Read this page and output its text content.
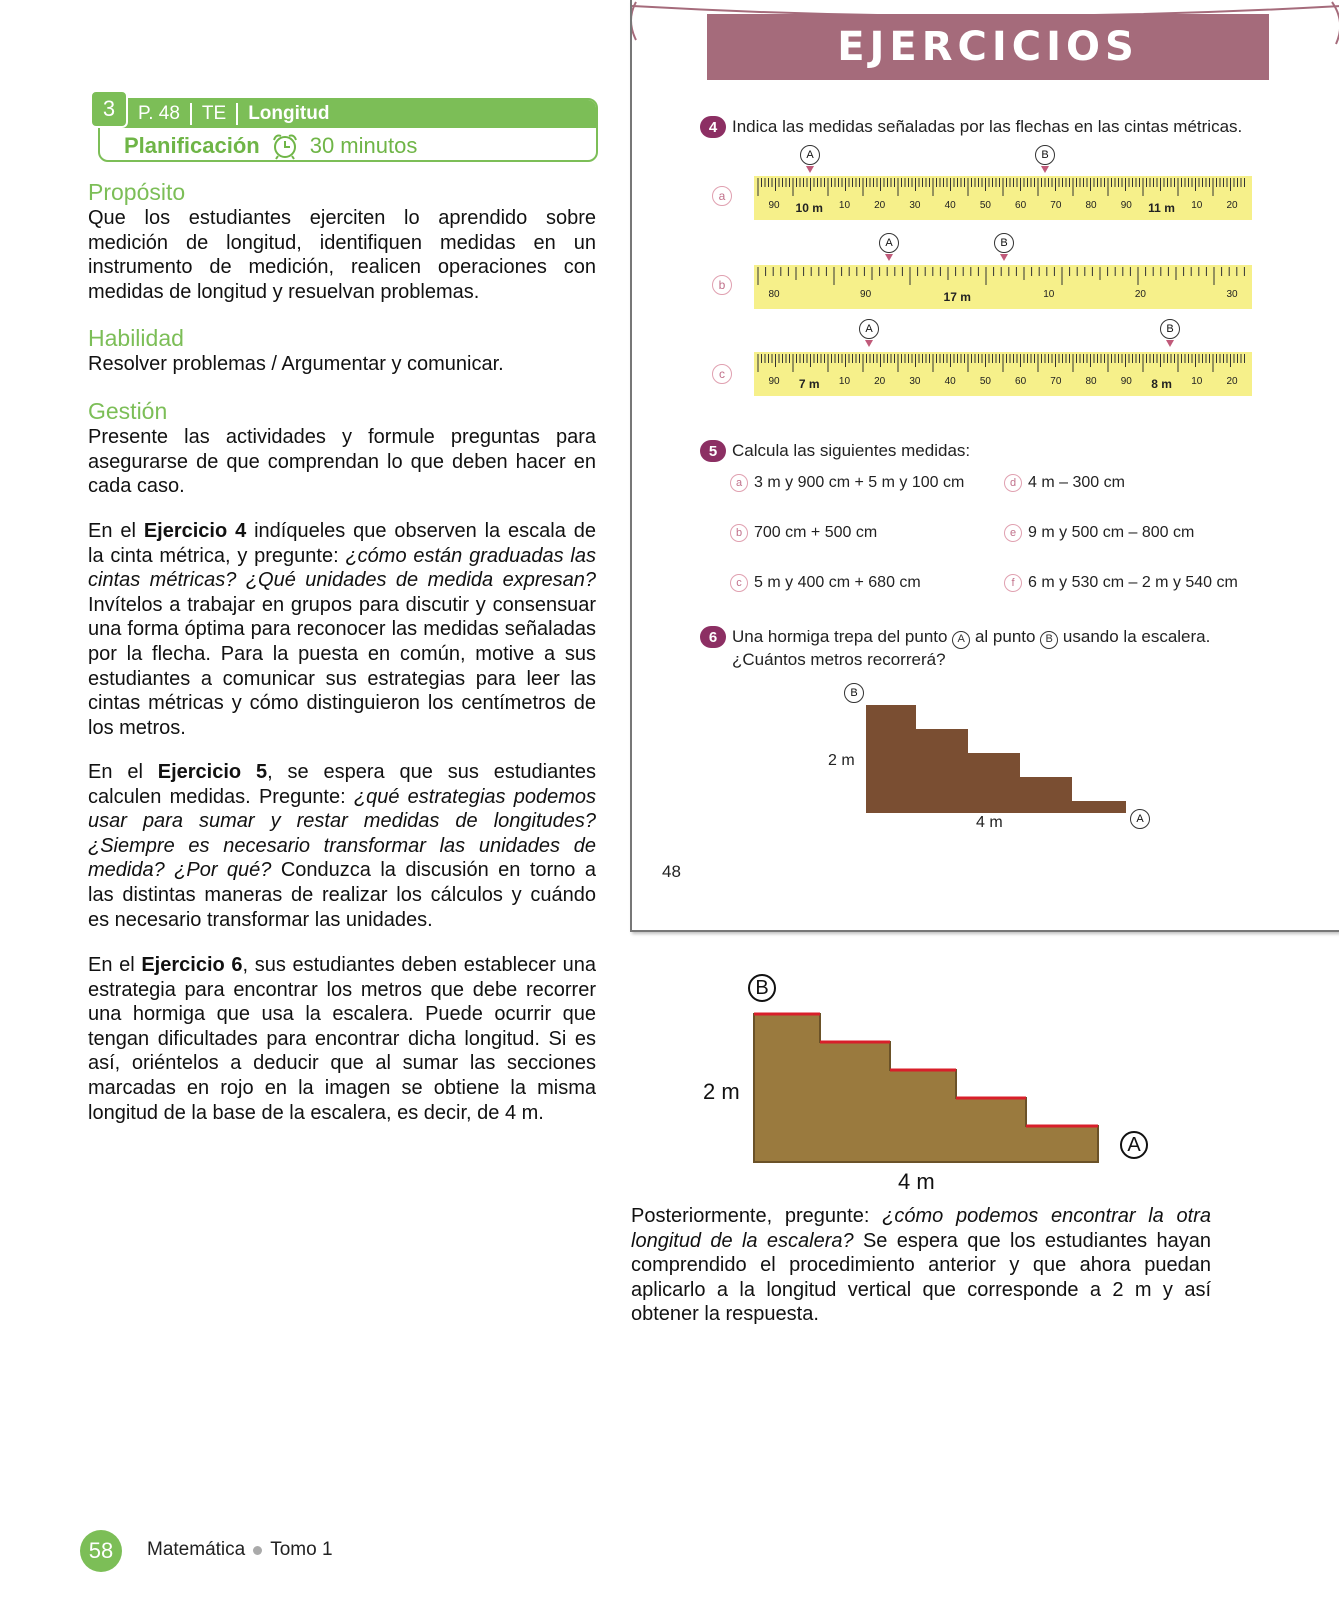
P. 48	TE	Longitud
Planificación 30 minutos
3
Propósito
Que los estudiantes ejerciten lo aprendido sobre medición de longitud, identifiquen medidas en un instrumento de medición, realicen operaciones con medidas de longitud y resuelvan problemas.
Habilidad
Resolver problemas / Argumentar y comunicar.
Gestión
Presente las actividades y formule preguntas para asegurarse de que comprendan lo que deben hacer en cada caso.
En el Ejercicio 4 indíqueles que observen la escala de la cinta métrica, y pregunte: ¿cómo están graduadas las cintas métricas? ¿Qué unidades de medida expresan? Invítelos a trabajar en grupos para discutir y consensuar una forma óptima para reconocer las medidas señaladas por la flecha. Para la puesta en común, motive a sus estudiantes a comunicar sus estrategias para leer las cintas métricas y cómo distinguieron los centímetros de los metros.
En el Ejercicio 5, se espera que sus estudiantes calculen medidas. Pregunte: ¿qué estrategias podemos usar para sumar y restar medidas de longitudes? ¿Siempre es necesario transformar las unidades de medida? ¿Por qué? Conduzca la discusión en torno a las distintas maneras de realizar los cálculos y cuándo es necesario transformar las unidades.
En el Ejercicio 6, sus estudiantes deben establecer una estrategia para encontrar los metros que debe recorrer una hormiga que usa la escalera. Puede ocurrir que tengan dificultades para encontrar dicha longitud. Si es así, oriéntelos a deducir que al sumar las secciones marcadas en rojo en la imagen se obtiene la misma longitud de la base de la escalera, es decir, de 4 m.
EJERCICIOS
4 Indica las medidas señaladas por las flechas en las cintas métricas.
A	B
a
90 10 m 10 20 30 40 50 60 70 80 90 11 m 10 20
A	B
b
80	90	17 m	10	20	30
A	B
c
90 7 m 10 20 30 40 50 60 70 80 90 8 m 10 20
5 Calcula las siguientes medidas:
a 3 m y 900 cm + 5 m y 100 cm
b 700 cm + 500 cm
c 5 m y 400 cm + 680 cm
d 4 m – 300 cm
e 9 m y 500 cm – 800 cm
f 6 m y 530 cm – 2 m y 540 cm
6 Una hormiga trepa del punto A al punto B usando la escalera.
¿Cuántos metros recorrerá?
B
2 m
4 m	A
48
B
2 m
4 m
A
Posteriormente, pregunte: ¿cómo podemos encontrar la otra longitud de la escalera? Se espera que los estudiantes hayan comprendido el procedimiento anterior y que ahora puedan aplicarlo a la longitud vertical que corresponde a 2 m y así obtener la respuesta.
58	Matemática Tomo 1
